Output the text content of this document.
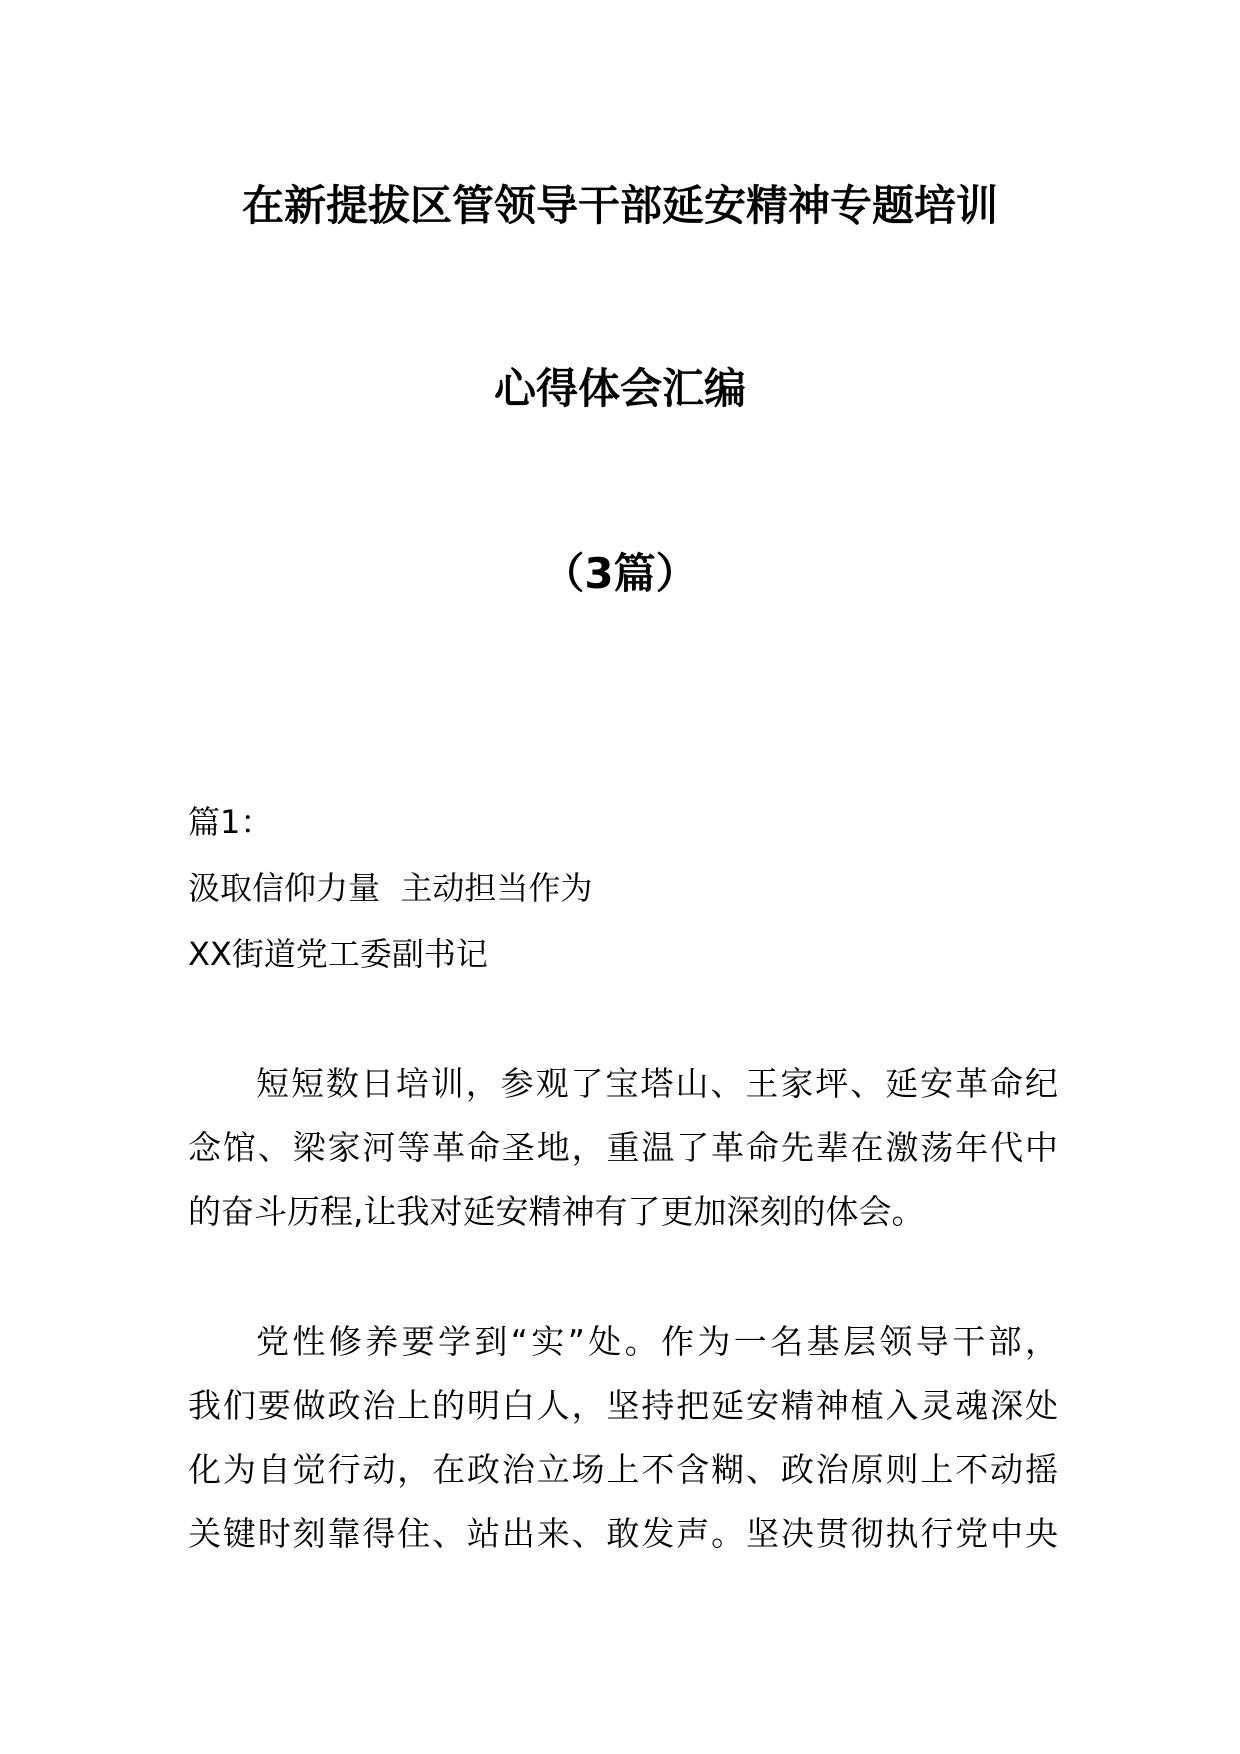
在新提拔区管领导干部延安精神专题培训
心得体会汇编
（3篇）
篇1：
汲取信仰力量  主动担当作为
XX街道党工委副书记
短短数日培训，参观了宝塔山、王家坪、延安革命纪
念馆、梁家河等革命圣地，重温了革命先辈在激荡年代中
的奋斗历程,让我对延安精神有了更加深刻的体会。
党性修养要学到“实”处。作为一名基层领导干部，
我们要做政治上的明白人，坚持把延安精神植入灵魂深处
化为自觉行动，在政治立场上不含糊、政治原则上不动摇
关键时刻靠得住、站出来、敢发声。坚决贯彻执行党中央
